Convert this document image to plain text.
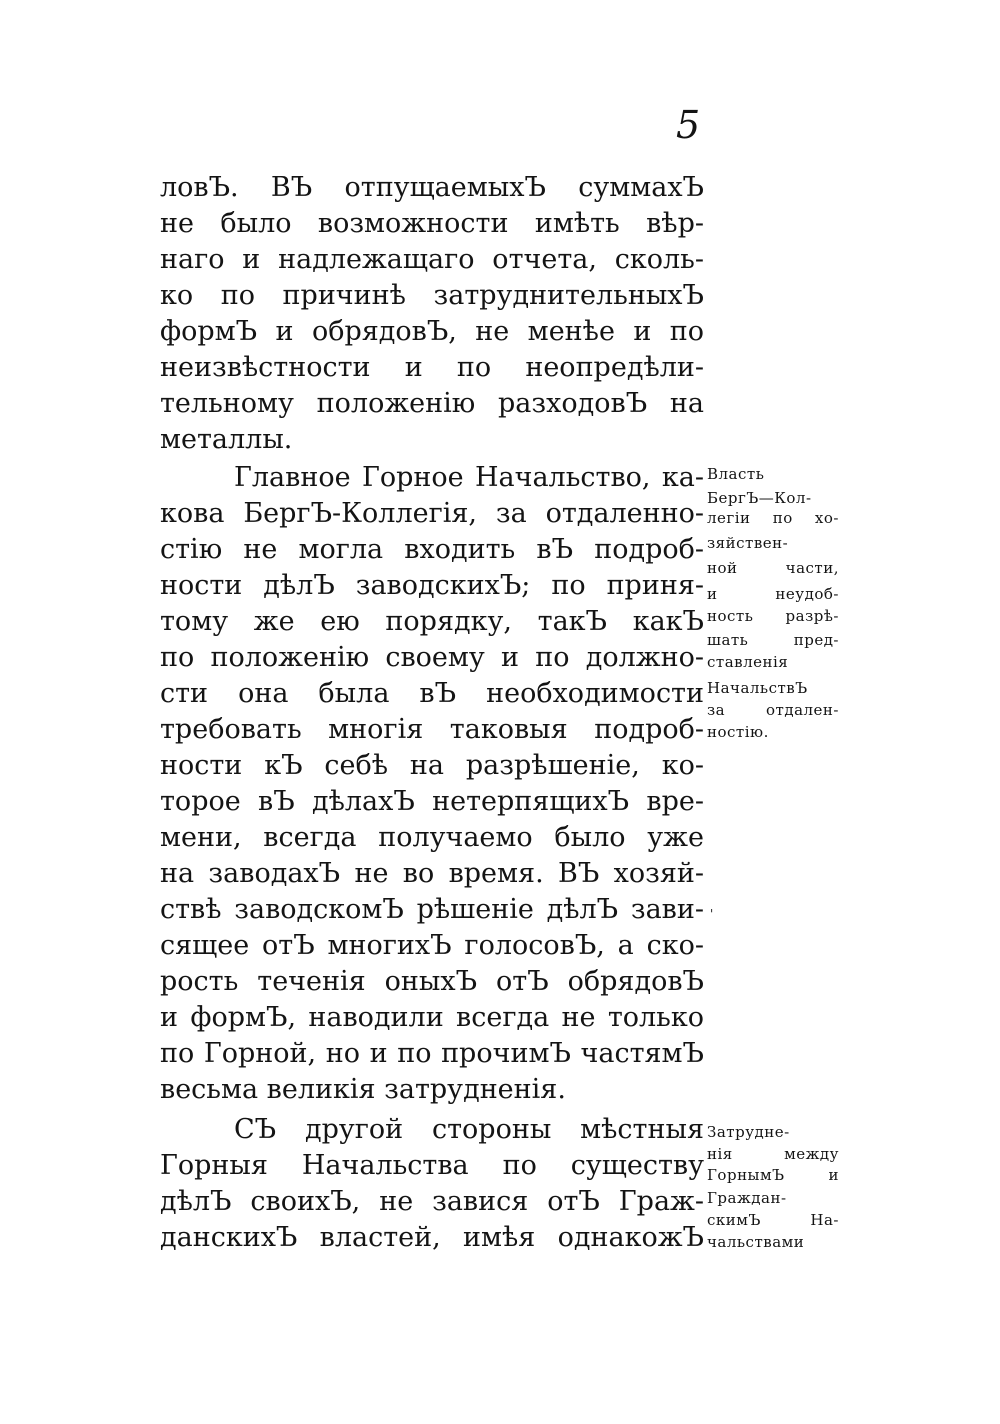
5
ловЪ. ВЪ отпущаемыхЪ суммахЪ
не было возможности имѣть вѣр-
наго и надлежащаго отчета, сколь-
ко по причинѣ затруднительныхЪ
формЪ и обрядовЪ, не менѣе и по
неизвѣстности и по неопредѣли-
тельному положенію разходовЪ на
металлы.
Главное Горное Начальство, ка-
кова БергЪ-Коллегія, за отдаленно-
стію не могла входить вЪ подроб-
ности дѣлЪ заводскихЪ; по приня-
тому же ею порядку, такЪ какЪ
по положенію своему и по должно-
сти она была вЪ необходимости
требовать многія таковыя подроб-
ности кЪ себѣ на разрѣшеніе, ко-
торое вЪ дѣлахЪ нетерпящихЪ вре-
мени, всегда получаемо было уже
на заводахЪ не во время. ВЪ хозяй-
ствѣ заводскомЪ рѣшеніе дѣлЪ зави-
сящее отЪ многихЪ голосовЪ, а ско-
рость теченія оныхЪ отЪ обрядовЪ
и формЪ, наводили всегда не только
по Горной, но и по прочимЪ частямЪ
весьма великія затрудненія.
СЪ другой стороны мѣстныя
Горныя Начальства по существу
дѣлЪ своихЪ, не завися отЪ Граж-
данскихЪ властей, имѣя однакожЪ
Власть
БергЪ—Кол-
легіи по хо-
зяйствен-
ной части,
и неудоб-
ность разрѣ-
шать пред-
ставленія
НачальствЪ
за отдален-
ностію.
'
Затрудне-
нія между
ГорнымЪ и
Граждан-
скимЪ На-
чальствами
